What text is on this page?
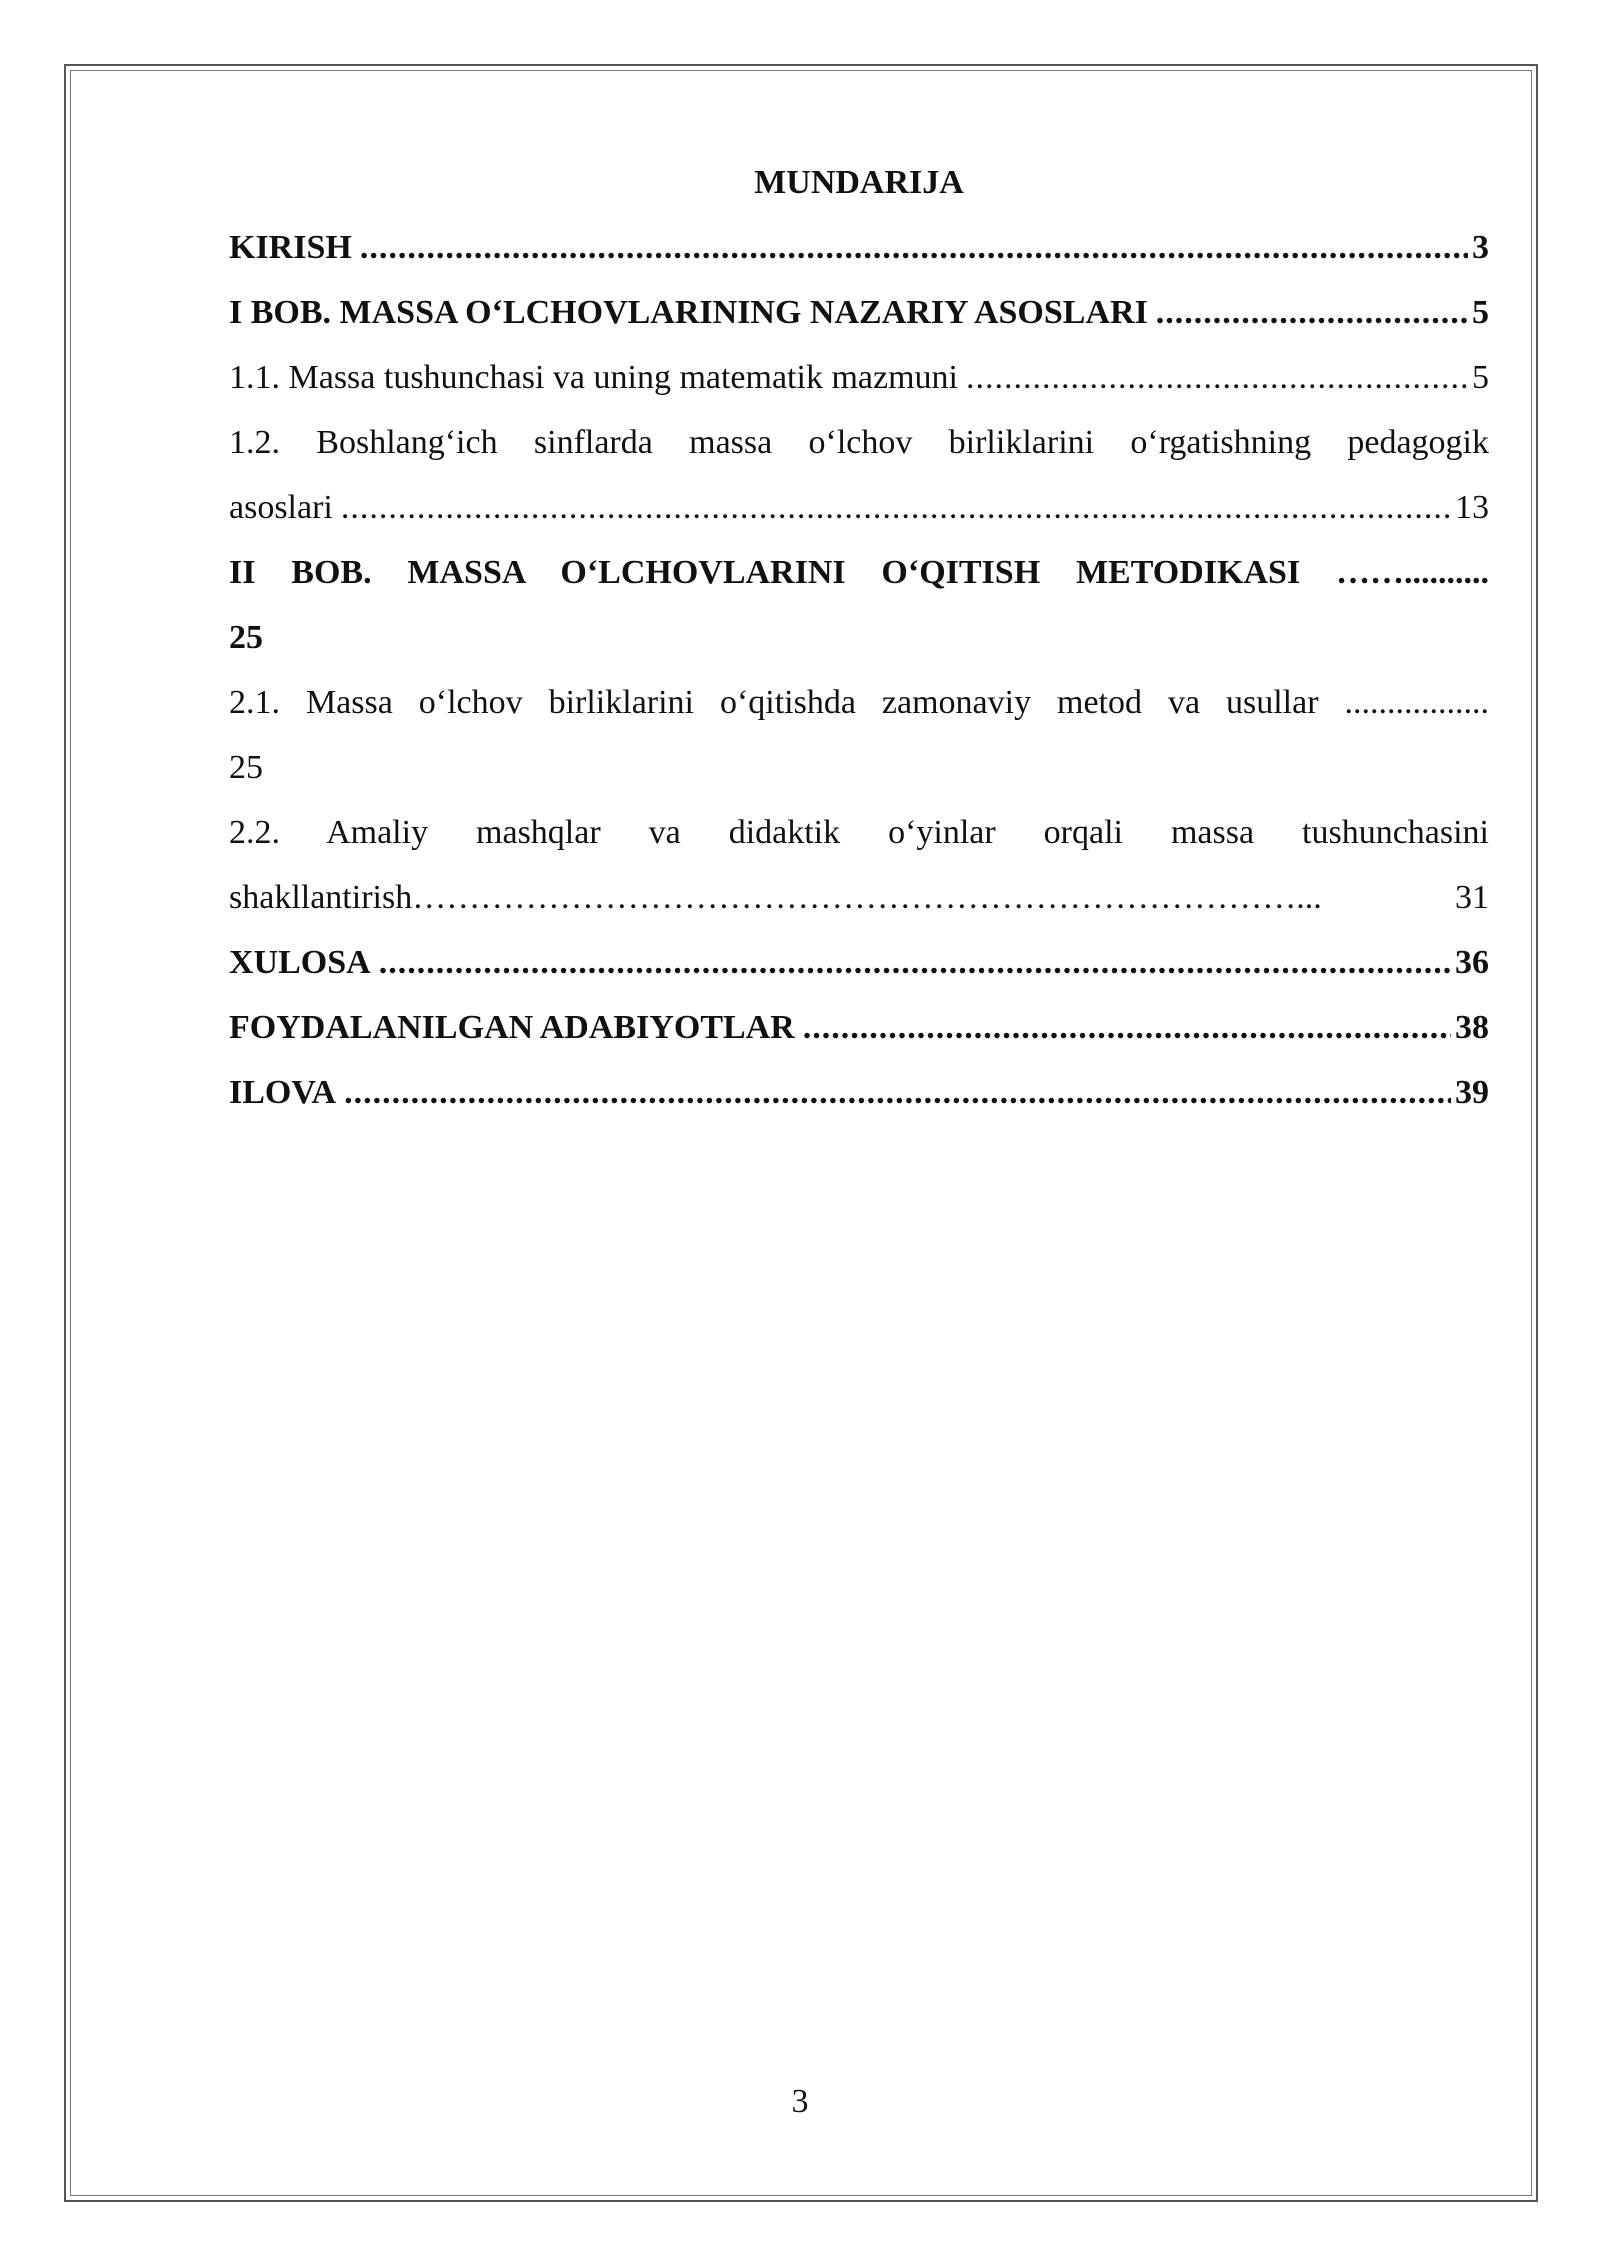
MUNDARIJA
KIRISH .....	3
I BOB. MASSA O‘LCHOVLARINING NAZARIY ASOSLARI .....	5
1.1. Massa tushunchasi va uning matematik mazmuni .....	5
1.2. Boshlang‘ich sinflarda massa o‘lchov birliklarini o‘rgatishning pedagogik
asoslari .....	13
II BOB. MASSA O‘LCHOVLARINI O‘QITISH METODIKASI ……..........
25
2.1. Massa o‘lchov birliklarini o‘qitishda zamonaviy metod va usullar .................
25
2.2. Amaliy mashqlar va didaktik o‘yinlar orqali massa tushunchasini
shakllantirish……………………………………………………………………...	31
XULOSA .....	36
FOYDALANILGAN ADABIYOTLAR .....	38
ILOVA .....	39
3
